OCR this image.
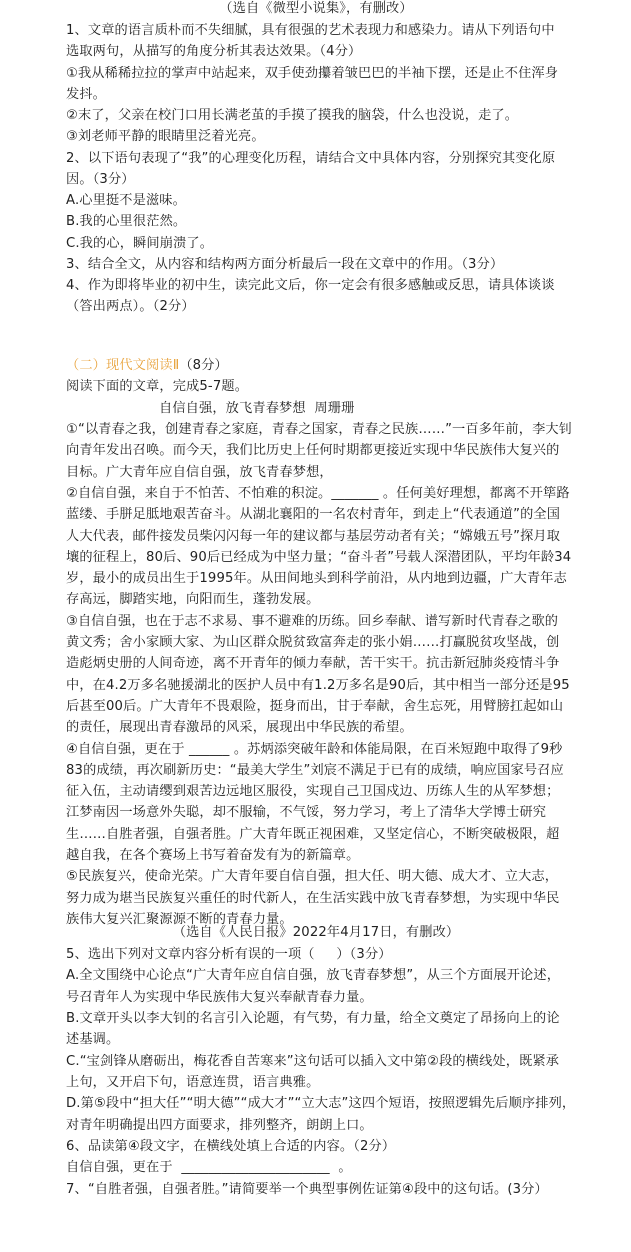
（选自《微型小说集》，有删改）
1、文章的语言质朴而不失细腻，具有很强的艺术表现力和感染力。请从下列语句中
选取两句，从描写的角度分析其表达效果。（4分）
①我从稀稀拉拉的掌声中站起来，双手使劲攥着皱巴巴的半袖下摆，还是止不住浑身
发抖。
②末了，父亲在校门口用长满老茧的手摸了摸我的脑袋，什么也没说，走了。
③刘老师平静的眼睛里泛着光亮。
2、以下语句表现了“我”的心理变化历程，请结合文中具体内容，分别探究其变化原
因。（3分）
A.心里挺不是滋味。
B.我的心里很茫然。
C.我的心，瞬间崩溃了。
3、结合全文，从内容和结构两方面分析最后一段在文章中的作用。（3分）
4、作为即将毕业的初中生，读完此文后，你一定会有很多感触或反思，请具体谈谈
（答出两点）。（2分）
（二）现代文阅读Ⅱ（8分）
阅读下面的文章，完成5-7题。
自信自强，放飞青春梦想  周珊珊
①“以青春之我，创建青春之家庭，青春之国家，青春之民族……”一百多年前，李大钊
向青年发出召唤。而今天，我们比历史上任何时期都更接近实现中华民族伟大复兴的
目标。广大青年应自信自强，放飞青春梦想，
②自信自强，来自于不怕苦、不怕难的积淀。_______ 。任何美好理想，都离不开筚路
蓝缕、手胼足胝地艰苦奋斗。从湖北襄阳的一名农村青年，到走上“代表通道”的全国
人大代表，邮件接发员柴闪闪每一年的建议都与基层劳动者有关；“嫦娥五号”探月取
壤的征程上，80后、90后已经成为中坚力量；“奋斗者”号载人深潜团队，平均年龄34
岁，最小的成员出生于1995年。从田间地头到科学前沿，从内地到边疆，广大青年志
存高远，脚踏实地，向阳而生，蓬勃发展。
③自信自强，也在于志不求易、事不避难的历练。回乡奉献、谱写新时代青春之歌的
黄文秀；舍小家顾大家、为山区群众脱贫致富奔走的张小娟……打赢脱贫攻坚战，创
造彪炳史册的人间奇迹，离不开青年的倾力奉献，苦干实干。抗击新冠肺炎疫情斗争
中，在4.2万多名驰援湖北的医护人员中有1.2万多名是90后，其中相当一部分还是95
后甚至00后。广大青年不畏艰险，挺身而出，甘于奉献，舍生忘死，用臂膀扛起如山
的责任，展现出青春激昂的风采，展现出中华民族的希望。
④自信自强，更在于 ______ 。苏炳添突破年龄和体能局限，在百米短跑中取得了9秒
83的成绩，再次刷新历史：“最美大学生”刘宸不满足于已有的成绩，响应国家号召应
征入伍，主动请缨到艰苦边远地区服役，实现自己卫国戍边、历练人生的从军梦想；
江梦南因一场意外失聪，却不服输，不气馁，努力学习，考上了清华大学博士研究
生……自胜者强，自强者胜。广大青年既正视困难，又坚定信心，不断突破极限，超
越自我，在各个赛场上书写着奋发有为的新篇章。
⑤民族复兴，使命光荣。广大青年要自信自强，担大任、明大德、成大才、立大志，
努力成为堪当民族复兴重任的时代新人，在生活实践中放飞青春梦想，为实现中华民
族伟大复兴汇聚源源不断的青春力量。
（选自《人民日报》2022年4月17日，有删改）
5、选出下列对文章内容分析有误的一项（     ）（3分）
A.全文围绕中心论点“广大青年应自信自强，放飞青春梦想”，从三个方面展开论述，
号召青年人为实现中华民族伟大复兴奉献青春力量。
B.文章开头以李大钊的名言引入论题，有气势，有力量，给全文奠定了昂扬向上的论
述基调。
C.“宝剑锋从磨砺出，梅花香自苦寒来”这句话可以插入文中第②段的横线处，既紧承
上句，又开启下句，语意连贯，语言典雅。
D.第⑤段中“担大任”“明大德”“成大才”“立大志”这四个短语，按照逻辑先后顺序排列，
对青年明确提出四方面要求，排列整齐，朗朗上口。
6、品读第④段文字，在横线处填上合适的内容。（2分）
自信自强，更在于  ______________________  。
7、“自胜者强，自强者胜。”请简要举一个典型事例佐证第④段中的这句话。(3分）
